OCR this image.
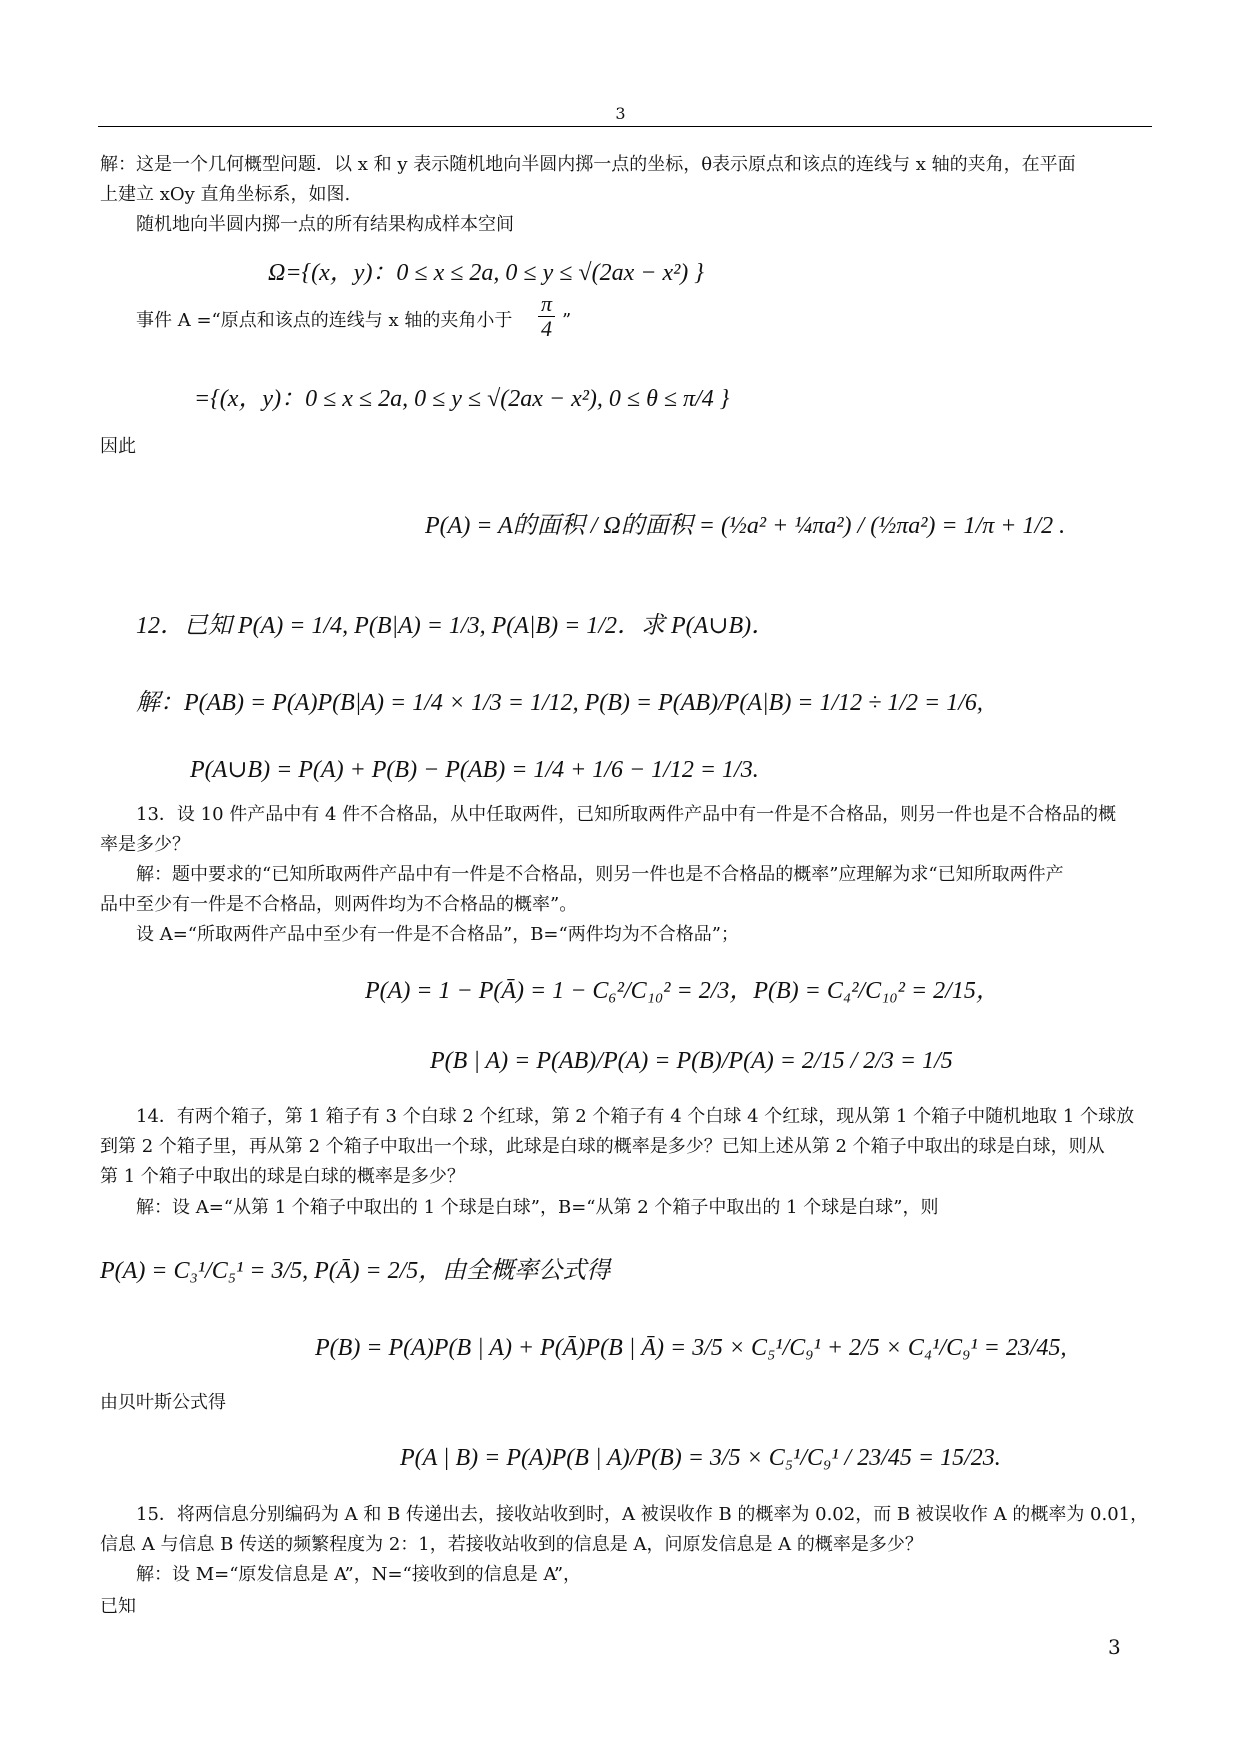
3
解：这是一个几何概型问题．以 x 和 y 表示随机地向半圆内掷一点的坐标，θ表示原点和该点的连线与 x 轴的夹角，在平面
上建立 xOy 直角坐标系，如图.
随机地向半圆内掷一点的所有结果构成样本空间
Ω={(x，y)：0 ≤ x ≤ 2a, 0 ≤ y ≤ √(2ax − x²) }
事件 A =“原点和该点的连线与 x 轴的夹角小于	$\frac{\pi}{4}$ ”
={(x，y)：0 ≤ x ≤ 2a, 0 ≤ y ≤ √(2ax − x²), 0 ≤ θ ≤ π/4 }
因此
P(A) = A的面积 / Ω的面积 = (½a² + ¼πa²) / (½πa²) = 1/π + 1/2 .
12．已知 P(A) = 1/4, P(B|A) = 1/3, P(A|B) = 1/2．求 P(A∪B)．
解：P(AB) = P(A)P(B|A) = 1/4 × 1/3 = 1/12, P(B) = P(AB)/P(A|B) = 1/12 ÷ 1/2 = 1/6,
P(A∪B) = P(A) + P(B) − P(AB) = 1/4 + 1/6 − 1/12 = 1/3.
13．设 10 件产品中有 4 件不合格品，从中任取两件，已知所取两件产品中有一件是不合格品，则另一件也是不合格品的概
率是多少？
解：题中要求的“已知所取两件产品中有一件是不合格品，则另一件也是不合格品的概率”应理解为求“已知所取两件产
品中至少有一件是不合格品，则两件均为不合格品的概率”。
设 A=“所取两件产品中至少有一件是不合格品”，B=“两件均为不合格品”；
P(A) = 1 − P(Ā) = 1 − C₆²/C₁₀² = 2/3，P(B) = C₄²/C₁₀² = 2/15，
P(B | A) = P(AB)/P(A) = P(B)/P(A) = 2/15 / 2/3 = 1/5
14．有两个箱子，第 1 箱子有 3 个白球 2 个红球，第 2 个箱子有 4 个白球 4 个红球，现从第 1 个箱子中随机地取 1 个球放
到第 2 个箱子里，再从第 2 个箱子中取出一个球，此球是白球的概率是多少？已知上述从第 2 个箱子中取出的球是白球，则从
第 1 个箱子中取出的球是白球的概率是多少？
解：设 A=“从第 1 个箱子中取出的 1 个球是白球”，B=“从第 2 个箱子中取出的 1 个球是白球”，则
P(A) = C₃¹/C₅¹ = 3/5, P(Ā) = 2/5，由全概率公式得
P(B) = P(A)P(B | A) + P(Ā)P(B | Ā) = 3/5 × C₅¹/C₉¹ + 2/5 × C₄¹/C₉¹ = 23/45,
由贝叶斯公式得
P(A | B) = P(A)P(B | A)/P(B) = 3/5 × C₅¹/C₉¹ / 23/45 = 15/23.
15．将两信息分别编码为 A 和 B 传递出去，接收站收到时，A 被误收作 B 的概率为 0.02，而 B 被误收作 A 的概率为 0.01，
信息 A 与信息 B 传送的频繁程度为 2：1，若接收站收到的信息是 A，问原发信息是 A 的概率是多少？
解：设 M=“原发信息是 A”，N=“接收到的信息是 A”，
已知
3
